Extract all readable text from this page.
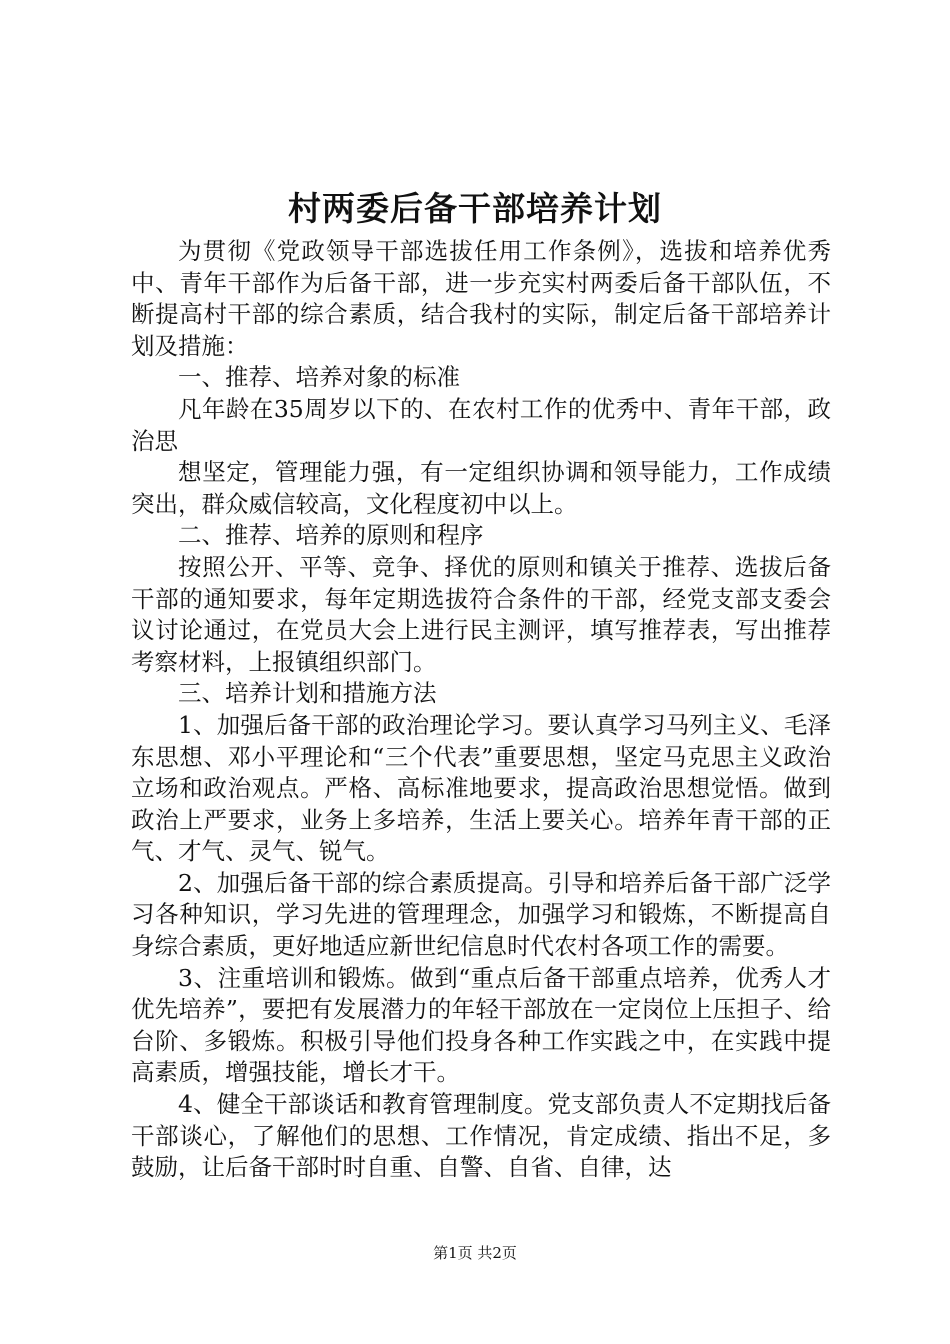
村两委后备干部培养计划

为贯彻《党政领导干部选拔任用工作条例》，选拔和培养优秀中、青年干部作为后备干部，进一步充实村两委后备干部队伍，不断提高村干部的综合素质，结合我村的实际，制定后备干部培养计划及措施：

一、推荐、培养对象的标准

凡年龄在35周岁以下的、在农村工作的优秀中、青年干部，政治思

想坚定，管理能力强，有一定组织协调和领导能力，工作成绩突出，群众威信较高，文化程度初中以上。

二、推荐、培养的原则和程序

按照公开、平等、竞争、择优的原则和镇关于推荐、选拔后备干部的通知要求，每年定期选拔符合条件的干部，经党支部支委会议讨论通过，在党员大会上进行民主测评，填写推荐表，写出推荐考察材料，上报镇组织部门。

三、培养计划和措施方法

1、加强后备干部的政治理论学习。要认真学习马列主义、毛泽东思想、邓小平理论和“三个代表”重要思想，坚定马克思主义政治立场和政治观点。严格、高标准地要求，提高政治思想觉悟。做到政治上严要求，业务上多培养，生活上要关心。培养年青干部的正气、才气、灵气、锐气。

2、加强后备干部的综合素质提高。引导和培养后备干部广泛学习各种知识，学习先进的管理理念，加强学习和锻炼，不断提高自身综合素质，更好地适应新世纪信息时代农村各项工作的需要。

3、注重培训和锻炼。做到“重点后备干部重点培养，优秀人才优先培养”，要把有发展潜力的年轻干部放在一定岗位上压担子、给台阶、多锻炼。积极引导他们投身各种工作实践之中，在实践中提高素质，增强技能，增长才干。

4、健全干部谈话和教育管理制度。党支部负责人不定期找后备干部谈心，了解他们的思想、工作情况，肯定成绩、指出不足，多鼓励，让后备干部时时自重、自警、自省、自律，达

第1页 共2页
